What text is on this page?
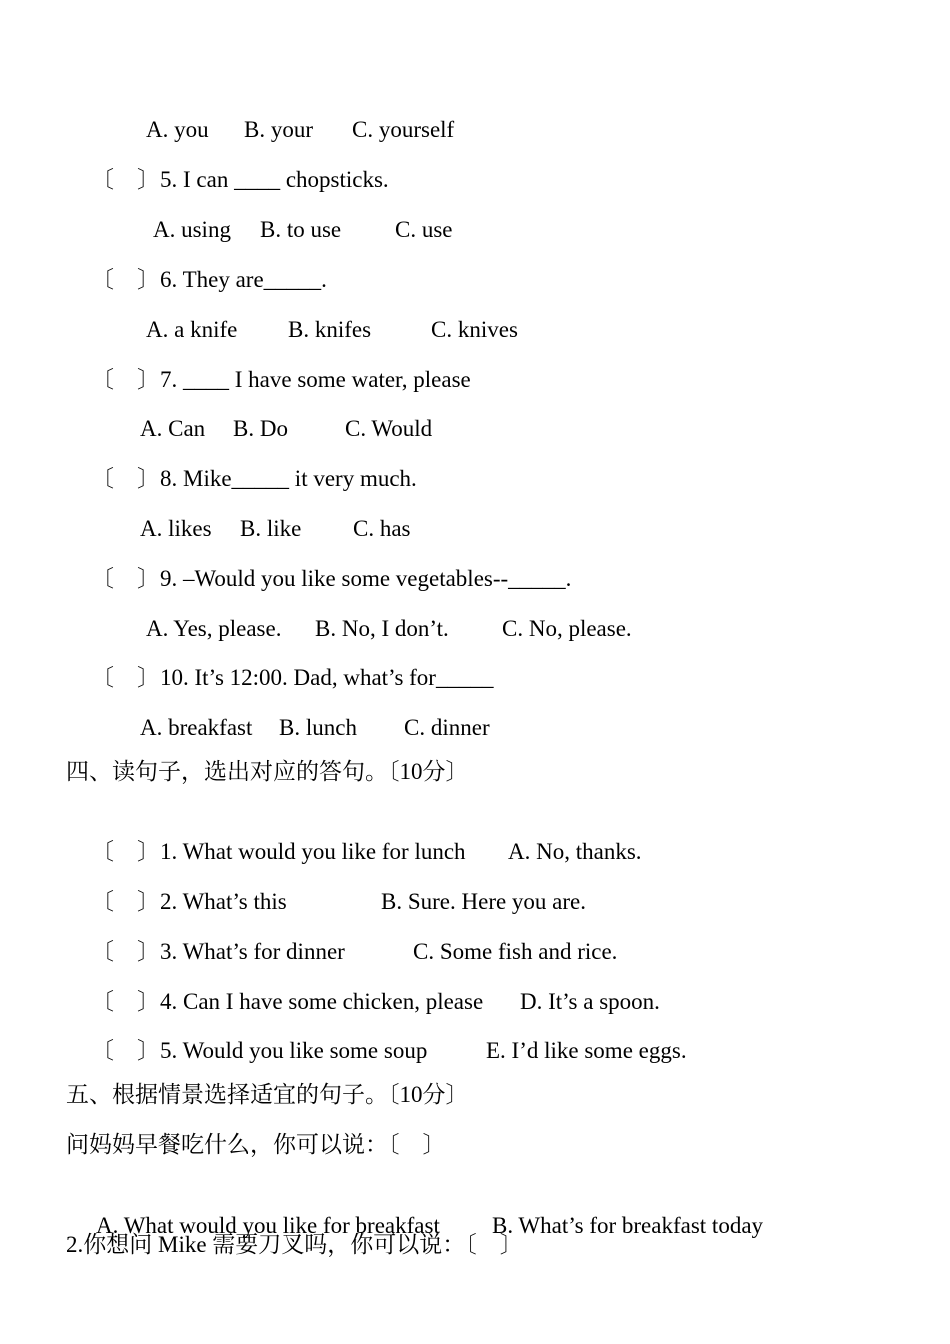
A. you B. your C. yourself

〔　〕5. I can ____ chopsticks.

A. using B. to use C. use

〔　〕6. They are_____.

A. a knife B. knifes	C. knives

〔　〕7. ____ I have some water, please

A. Can B. Do C. Would

〔　〕8. Mike_____ it very much.

A. likes B. like C. has

〔　〕9. –Would you like some vegetables--_____.

A. Yes, please. B. No, I don’t. C. No, please.

〔　〕10. It’s 12:00. Dad, what’s for_____

A. breakfast B. lunch C. dinner

四、读句子，选出对应的答句。〔10分〕

〔　〕1. What would you like for lunch A. No, thanks.

〔　〕2. What’s this	B. Sure. Here you are.

〔　〕3. What’s for dinner	C. Some fish and rice.

〔　〕4. Can I have some chicken, please D. It’s a spoon.

〔　〕5. Would you like some soup	E. I’d like some eggs.

五、根据情景选择适宜的句子。〔10分〕
问妈妈早餐吃什么，你可以说：〔　〕

A. What would you like for breakfast B. What’s for breakfast today

2.你想问 Mike 需要刀叉吗，你可以说：〔　〕
